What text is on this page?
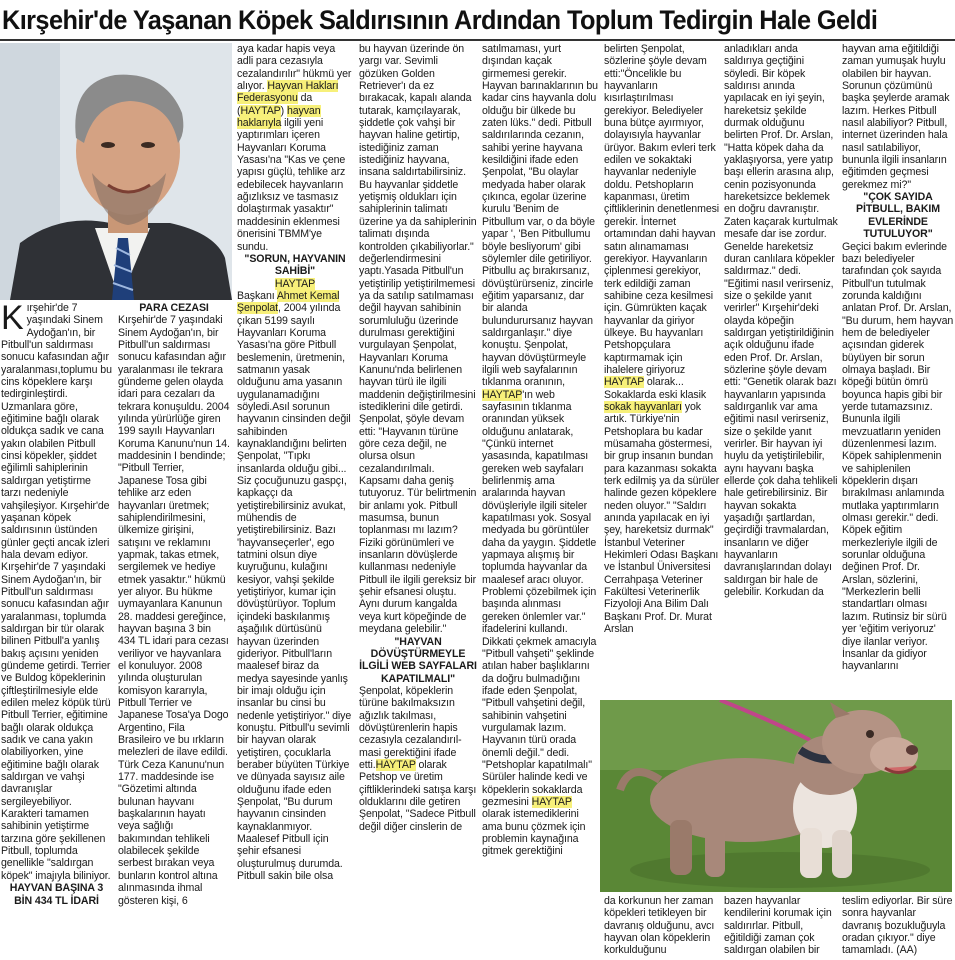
Kırşehir'de Yaşanan Köpek Saldırısının Ardından Toplum Tedirgin Hale Geldi

Kırşehir'de 7 yaşındaki Sinem Aydoğan'ın, bir Pitbull'un saldırması sonucu kafasından ağır yaralanması,toplumu bu cins köpeklere karşı tedirginleştirdi. Uzmanlara göre, eğitimine bağlı olarak oldukça sadık ve cana yakın olabilen Pitbull cinsi köpekler, şiddet eğilimli sahiplerinin saldırgan yetiştirme tarzı nedeniyle vahşileşiyor. Kırşehir'de yaşanan köpek saldırısının üstünden günler geçti ancak izleri hala devam ediyor. Kırşehir'de 7 yaşındaki Sinem Aydoğan'ın, bir Pitbull'un saldırması sonucu kafasından ağır yaralanması, toplumda saldırgan bir tür olarak bilinen Pitbull'a yanlış bakış açısını yeniden gündeme getirdi. Terrier ve Buldog köpeklerinin çiftleştirilmesiyle elde edilen melez köpük türü Pitbull Terrier, eğitimine bağlı olarak oldukça sadık ve cana yakın olabiliyorken, yine eğitimine bağlı olarak saldırgan ve vahşi davranışlar sergileyebiliyor. Karakteri tamamen sahibinin yetiştirme tarzına göre şekillenen Pitbull, toplumda genellikle "saldırgan köpek" imajıyla biliniyor.

HAYVAN BAŞINA 3 BİN 434 TL İDARİ

PARA CEZASI

Kırşehir'de 7 yaşındaki Sinem Aydoğan'ın, bir Pitbull'un saldırması sonucu kafasından ağır yaralanması ile tekrara gündeme gelen olayda idari para cezaları da tekrara konuşuldu. 2004 yılında yürürlüğe giren 199 sayılı Hayvanları Koruma Kanunu'nun 14. maddesinin I bendinde; "Pitbull Terrier, Japanese Tosa gibi tehlike arz eden hayvanları üretmek; sahiplendirilmesini, ülkemize girişini, satışını ve reklamını yapmak, takas etmek, sergilemek ve hediye etmek yasaktır." hükmü yer alıyor. Bu hükme uymayanlara Kanunun 28. maddesi gereğince, hayvan başına 3 bin 434 TL idari para cezası veriliyor ve hayvanlara el konuluyor. 2008 yılında oluşturulan komisyon kararıyla, Pitbull Terrier ve Japanese Tosa'ya Dogo Argentino, Fila Brasileiro ve bu ırkların melezleri de ilave edildi. Türk Ceza Kanunu'nun 177. maddesinde ise "Gözetimi altında bulunan hayvanı başkalarının hayatı veya sağlığı bakımından tehlikeli olabilecek şekilde serbest bırakan veya bunların kontrol altına alınmasında ihmal gösteren kişi, 6

aya kadar hapis veya adli para cezasıyla cezalandırılır" hükmü yer alıyor. Hayvan Hakları Federasyonu da (HAYTAP) hayvan haklarıyla ilgili yeni yaptırımları içeren Hayvanları Koruma Yasası'na "Kas ve çene yapısı güçlü, tehlike arz edebilecek hayvanların ağızlıksız ve tasmasız dolaştırmak yasaktır" maddesinin eklenmesi önerisini TBMM'ye sundu.

"SORUN, HAYVANIN SAHİBİ"

HAYTAP

Başkanı Ahmet Kemal Şenpolat, 2004 yılında çıkan 5199 sayılı Hayvanları Koruma Yasası'na göre Pitbull beslemenin, üretmenin, satmanın yasak olduğunu ama yasanın uygulanamadığını söyledi.Asıl sorunun hayvanın cinsinden değil sahibinden kaynaklandığını belirten Şenpolat, "Tıpkı insanlarda olduğu gibi... Siz çocuğunuzu gaspçı, kapkaççı da yetiştirebilirsiniz avukat, mühendis de yetiştirebilirsiniz. Bazı 'hayvanseçerler', ego tatmini olsun diye kuyruğunu, kulağını kesiyor, vahşi şekilde yetiştiriyor, kumar için dövüştürüyor. Toplum içindeki baskılanmış aşağılık dürtüsünü hayvan üzerinden gideriyor. Pitbull'ların maalesef biraz da medya sayesinde yanlış bir imajı olduğu için insanlar bu cinsi bu nedenle yetiştiriyor." diye konuştu. Pitbull'u sevimli bir hayvan olarak yetiştiren, çocuklarla beraber büyüten Türkiye ve dünyada sayısız aile olduğunu ifade eden Şenpolat, "Bu durum hayvanın cinsinden kaynaklanmıyor. Maalesef Pitbull için şehir efsanesi oluşturulmuş durumda. Pitbull sakin bile olsa

bu hayvan üzerinde ön yargı var. Sevimli gözüken Golden Retriever'ı da ez bırakacak, kapalı alanda tutarak, kamçılayarak, şiddetle çok vahşi bir hayvan haline getirtip, istediğiniz zaman istediğiniz hayvana, insana saldırtabilirsiniz. Bu hayvanlar şiddetle yetişmiş oldukları için sahiplerinin talimatı üzerine ya da sahiplerinin talimatı dışında kontrolden çıkabiliyorlar." değerlendirmesini yaptı.Yasada Pitbull'un yetiştirilip yetiştirilmemesi ya da satılıp satılmaması değil hayvan sahibinin sorumluluğu üzerinde durulması gerektiğini vurgulayan Şenpolat, Hayvanları Koruma Kanunu'nda belirlenen hayvan türü ile ilgili maddenin değiştirilmesini istediklerini dile getirdi. Şenpolat, şöyle devam etti: "Hayvanın türüne göre ceza değil, ne olursa olsun cezalandırılmalı. Kapsamı daha geniş tutuyoruz. Tür belirtmenin bir anlamı yok. Pitbull masumsa, bunun toplanması mı lazım? Fiziki görünümleri ve insanların dövüşlerde kullanması nedeniyle Pitbull ile ilgili gereksiz bir şehir efsanesi oluştu. Aynı durum kangalda veya kurt köpeğinde de meydana gelebilir."

"HAYVAN DÖVÜŞTÜRMEYLE İLGİLİ WEB SAYFALARI KAPATILMALI"

Şenpolat, köpeklerin türüne bakılmaksızın ağızlık takılması, dövüştürenlerin hapis cezasıyla cezalandırıl masi gerektiğini ifade etti.HAYTAP olarak Petshop ve üretim çiftliklerindeki satışa karşı olduklarını dile getiren Şenpolat, "Sadece Pitbull değil diğer cinslerin de

satılmaması, yurt dışından kaçak girmemesi gerekir. Hayvan barınaklarının bu kadar cins hayvanla dolu olduğu bir ülkede bu zaten lüks." dedi. Pitbull saldırılarında cezanın, sahibi yerine hayvana kesildiğini ifade eden Şenpolat, "Bu olaylar medyada haber olarak çıkınca, egolar üzerine kurulu 'Benim de Pitbullum var, o da böyle yapar ', 'Ben Pitbullumu böyle besliyorum' gibi söylemler dile getiriliyor. Pitbullu aç bırakırsanız, dövüştürürseniz, zincirle eğitim yaparsanız, dar bir alanda bulundurursanız hayvan saldırganlaşır." diye konuştu. Şenpolat, hayvan dövüştürmeyle ilgili web sayfalarının tıklanma oranının, HAYTAP'ın web sayfasının tıklanma oranından yüksek olduğunu anlatarak, "Çünkü internet yasasında, kapatılması gereken web sayfaları belirlenmiş ama aralarında hayvan dövüşleriyle ilgili siteler kapatılması yok. Sosyal medyada bu görüntüler daha da yaygın. Şiddetle yapmaya alışmış bir toplumda hayvanlar da maalesef aracı oluyor. Problemi çözebilmek için başında alınması gereken önlemler var." ifadelerini kullandı. Dikkati çekmek amacıyla "Pitbull vahşeti" şeklinde atılan haber başlıklarını da doğru bulmadığını ifade eden Şenpolat, "Pitbull vahşetini değil, sahibinin vahşetini vurgulamak lazım. Hayvanın türü orada önemli değil." dedi. "Petshoplar kapatılmalı" Sürüler halinde kedi ve köpeklerin sokaklarda gezmesini HAYTAP olarak istemediklerini ama bunu çözmek için problemin kaynağına gitmek gerektiğini

belirten Şenpolat, sözlerine şöyle devam etti:"Öncelikle bu hayvanların kısırlaştırılması gerekiyor. Belediyeler buna bütçe ayırmıyor, dolayısıyla hayvanlar ürüyor. Bakım evleri terk edilen ve sokaktaki hayvanlar nedeniyle doldu. Petshopların kapanması, üretim çiftliklerinin denetlenmesi gerekir. İnternet ortamından dahi hayvan satın alınamaması gerekiyor. Hayvanların çiplenmesi gerekiyor, terk edildiği zaman sahibine ceza kesilmesi için. Gümrükten kaçak hayvanlar da giriyor ülkeye. Bu hayvanları Petshopçulara kaptırmamak için ihalelere giriyoruz HAYTAP olarak... Sokaklarda eski klasik sokak hayvanları yok artık. Türkiye'nin Petshoplara bu kadar müsamaha göstermesi, bir grup insanın bundan para kazanması sokakta terk edilmiş ya da sürüler halinde gezen köpeklere neden oluyor." "Saldırı anında yapılacak en iyi şey, hareketsiz durmak" İstanbul Veteriner Hekimleri Odası Başkanı ve İstanbul Üniversitesi Cerrahpaşa Veteriner Fakültesi Veterinerlik Fizyoloji Ana Bilim Dalı Başkanı Prof. Dr. Murat Arslan

anladıkları anda saldırıya geçtiğini söyledi. Bir köpek saldırısı anında yapılacak en iyi şeyin, hareketsiz şekilde durmak olduğunu belirten Prof. Dr. Arslan, "Hatta köpek daha da yaklaşıyorsa, yere yatıp başı ellerin arasına alıp, cenin pozisyonunda hareketsizce beklemek en doğru davranıştır. Zaten kaçarak kurtulmak mesafe dar ise zordur. Genelde hareketsiz duran canlılara köpekler saldırmaz." dedi. "Eğitimi nasıl verirseniz, size o şekilde yanıt verirler" Kırşehir'deki olayda köpeğin saldırgan yetiştirildiğinin açık olduğunu ifade eden Prof. Dr. Arslan, sözlerine şöyle devam etti: "Genetik olarak bazı hayvanların yapısında saldırganlık var ama eğitimi nasıl verirseniz, size o şekilde yanıt verirler. Bir hayvan iyi huylu da yetiştirilebilir, aynı hayvanı başka ellerde çok daha tehlikeli hale getirebilirsiniz. Bir hayvan sokakta yaşadığı şartlardan, geçirdiği travmalardan, insanların ve diğer hayvanların davranışlarından dolayı saldırgan bir hale de gelebilir. Korkudan da

hayvan ama eğitildiği zaman yumuşak huylu olabilen bir hayvan. Sorunun çözümünü başka şeylerde aramak lazım. Herkes Pitbull nasıl alabiliyor? Pitbull, internet üzerinden hala nasıl satılabiliyor, bununla ilgili insanların eğitimden geçmesi gerekmez mi?"

"ÇOK SAYIDA PİTBULL, BAKIM EVLERİNDE TUTULUYOR"

Geçici bakım evlerinde bazı belediyeler tarafından çok sayıda Pitbull'un tutulmak zorunda kaldığını anlatan Prof. Dr. Arslan, "Bu durum, hem hayvan hem de belediyeler açısından giderek büyüyen bir sorun olmaya başladı. Bir köpeği bütün ömrü boyunca hapis gibi bir yerde tutamazsınız. Bununla ilgili mevzuatların yeniden düzenlenmesi lazım. Köpek sahiplenmenin ve sahiplenilen köpeklerin dışarı bırakılması anlamında mutlaka yaptırımların olması gerekir." dedi. Köpek eğitim merkezleriyle ilgili de sorunlar olduğuna değinen Prof. Dr. Arslan, sözlerini, "Merkezlerin belli standartları olması lazım. Rutinsiz bir sürü yer 'eğitim veriyoruz' diye ilanlar veriyor. İnsanlar da gidiyor hayvanlarını

da korkunun her zaman köpekleri tetikleyen bir davranış olduğunu, avcı hayvan olan köpeklerin korkulduğunu

bazen hayvanlar kendilerini korumak için saldırırlar. Pitbull, eğitildiği zaman çok saldırgan olabilen bir

teslim ediyorlar. Bir süre sonra hayvanlar davranış bozukluğuyla oradan çıkıyor." diye tamamladı. (AA)
